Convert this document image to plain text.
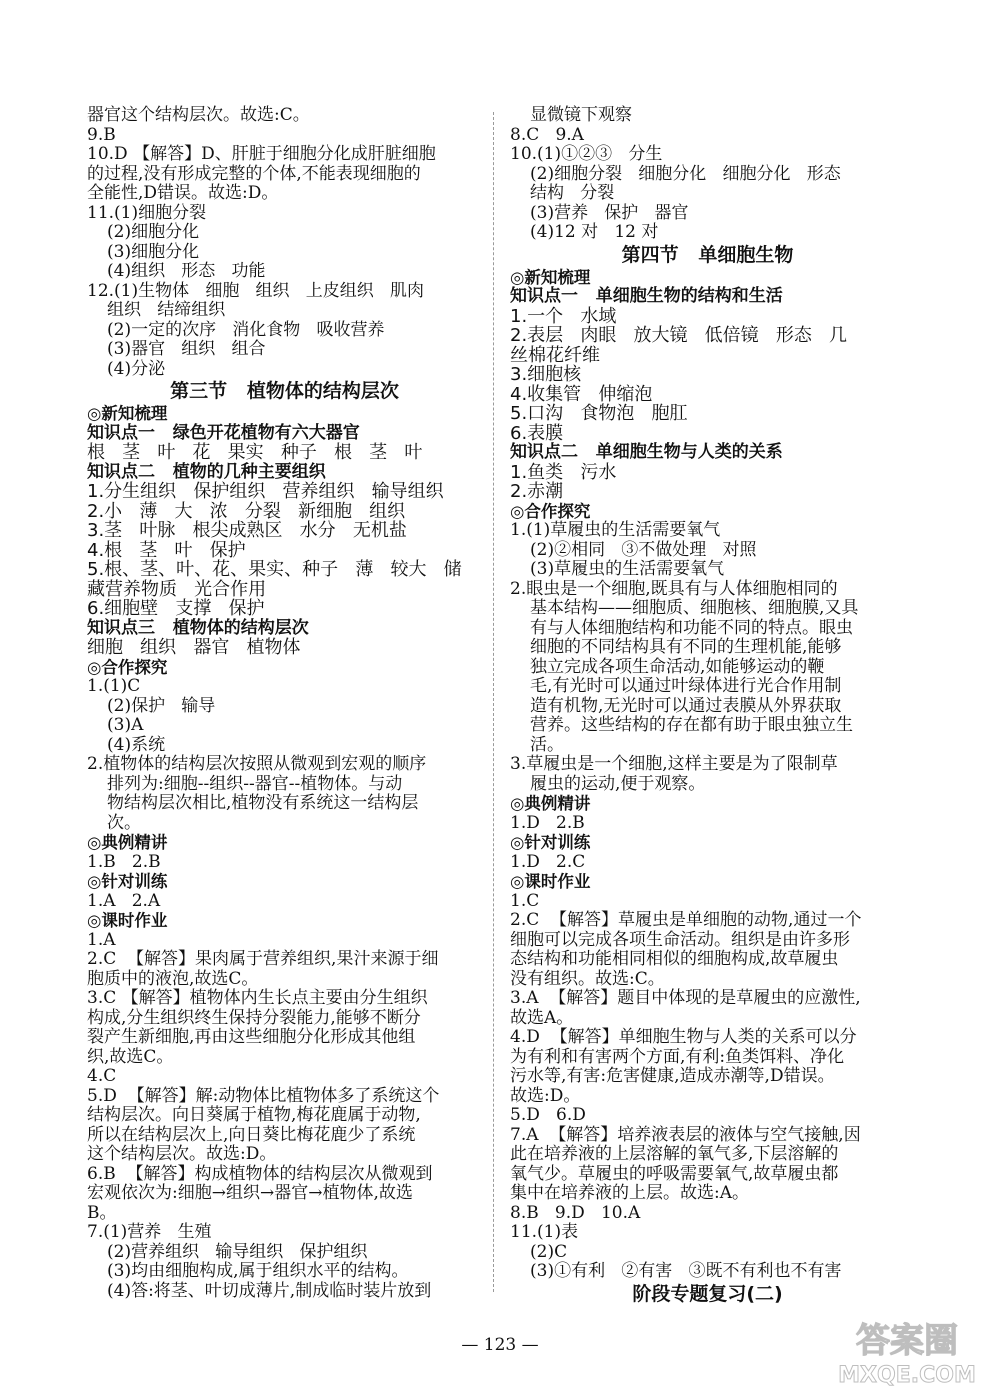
器官这个结构层次。故选:C。
9.B
10.D 【解答】D、肝脏于细胞分化成肝脏细胞
的过程,没有形成完整的个体,不能表现细胞的
全能性,D错误。故选:D。
11.(1)细胞分裂
(2)细胞分化
(3)细胞分化
(4)组织   形态   功能
12.(1)生物体   细胞   组织   上皮组织   肌肉
组织   结缔组织
(2)一定的次序   消化食物   吸收营养
(3)器官   组织   组合
(4)分泌
第三节   植物体的结构层次
◎新知梳理
知识点一   绿色开花植物有六大器官
根   茎   叶   花   果实   种子   根   茎   叶
知识点二   植物的几种主要组织
1.分生组织   保护组织   营养组织   输导组织
2.小   薄   大   浓   分裂   新细胞   组织
3.茎   叶脉   根尖成熟区   水分   无机盐
4.根   茎   叶   保护
5.根、茎、叶、花、果实、种子   薄   较大   储
藏营养物质   光合作用
6.细胞壁   支撑   保护
知识点三   植物体的结构层次
细胞   组织   器官   植物体
◎合作探究
1.(1)C
(2)保护   输导
(3)A
(4)系统
2.植物体的结构层次按照从微观到宏观的顺序
排列为:细胞--组织--器官--植物体。与动
物结构层次相比,植物没有系统这一结构层
次。
◎典例精讲
1.B   2.B
◎针对训练
1.A   2.A
◎课时作业
1.A
2.C  【解答】果肉属于营养组织,果汁来源于细
胞质中的液泡,故选C。
3.C 【解答】植物体内生长点主要由分生组织
构成,分生组织终生保持分裂能力,能够不断分
裂产生新细胞,再由这些细胞分化形成其他组
织,故选C。
4.C
5.D  【解答】解:动物体比植物体多了系统这个
结构层次。向日葵属于植物,梅花鹿属于动物,
所以在结构层次上,向日葵比梅花鹿少了系统
这个结构层次。故选:D。
6.B  【解答】构成植物体的结构层次从微观到
宏观依次为:细胞→组织→器官→植物体,故选
B。
7.(1)营养   生殖
(2)营养组织   输导组织   保护组织
(3)均由细胞构成,属于组织水平的结构。
(4)答:将茎、叶切成薄片,制成临时装片放到
显微镜下观察
8.C   9.A
10.(1)①②③   分生
(2)细胞分裂   细胞分化   细胞分化   形态
结构   分裂
(3)营养   保护   器官
(4)12 对   12 对
第四节   单细胞生物
◎新知梳理
知识点一   单细胞生物的结构和生活
1.一个   水域
2.表层   肉眼   放大镜   低倍镜   形态   几
丝棉花纤维
3.细胞核
4.收集管   伸缩泡
5.口沟   食物泡   胞肛
6.表膜
知识点二   单细胞生物与人类的关系
1.鱼类   污水
2.赤潮
◎合作探究
1.(1)草履虫的生活需要氧气
(2)②相同   ③不做处理   对照
(3)草履虫的生活需要氧气
2.眼虫是一个细胞,既具有与人体细胞相同的
基本结构——细胞质、细胞核、细胞膜,又具
有与人体细胞结构和功能不同的特点。眼虫
细胞的不同结构具有不同的生理机能,能够
独立完成各项生命活动,如能够运动的鞭
毛,有光时可以通过叶绿体进行光合作用制
造有机物,无光时可以通过表膜从外界获取
营养。这些结构的存在都有助于眼虫独立生
活。
3.草履虫是一个细胞,这样主要是为了限制草
履虫的运动,便于观察。
◎典例精讲
1.D   2.B
◎针对训练
1.D   2.C
◎课时作业
1.C
2.C  【解答】草履虫是单细胞的动物,通过一个
细胞可以完成各项生命活动。组织是由许多形
态结构和功能相同相似的细胞构成,故草履虫
没有组织。故选:C。
3.A  【解答】题目中体现的是草履虫的应激性,
故选A。
4.D  【解答】单细胞生物与人类的关系可以分
为有利和有害两个方面,有利:鱼类饵料、净化
污水等,有害:危害健康,造成赤潮等,D错误。
故选:D。
5.D   6.D
7.A  【解答】培养液表层的液体与空气接触,因
此在培养液的上层溶解的氧气多,下层溶解的
氧气少。草履虫的呼吸需要氧气,故草履虫都
集中在培养液的上层。故选:A。
8.B   9.D   10.A
11.(1)表
(2)C
(3)①有利   ②有害   ③既不有利也不有害
阶段专题复习(二)
— 123 —	答案圈
MXQE.COM
